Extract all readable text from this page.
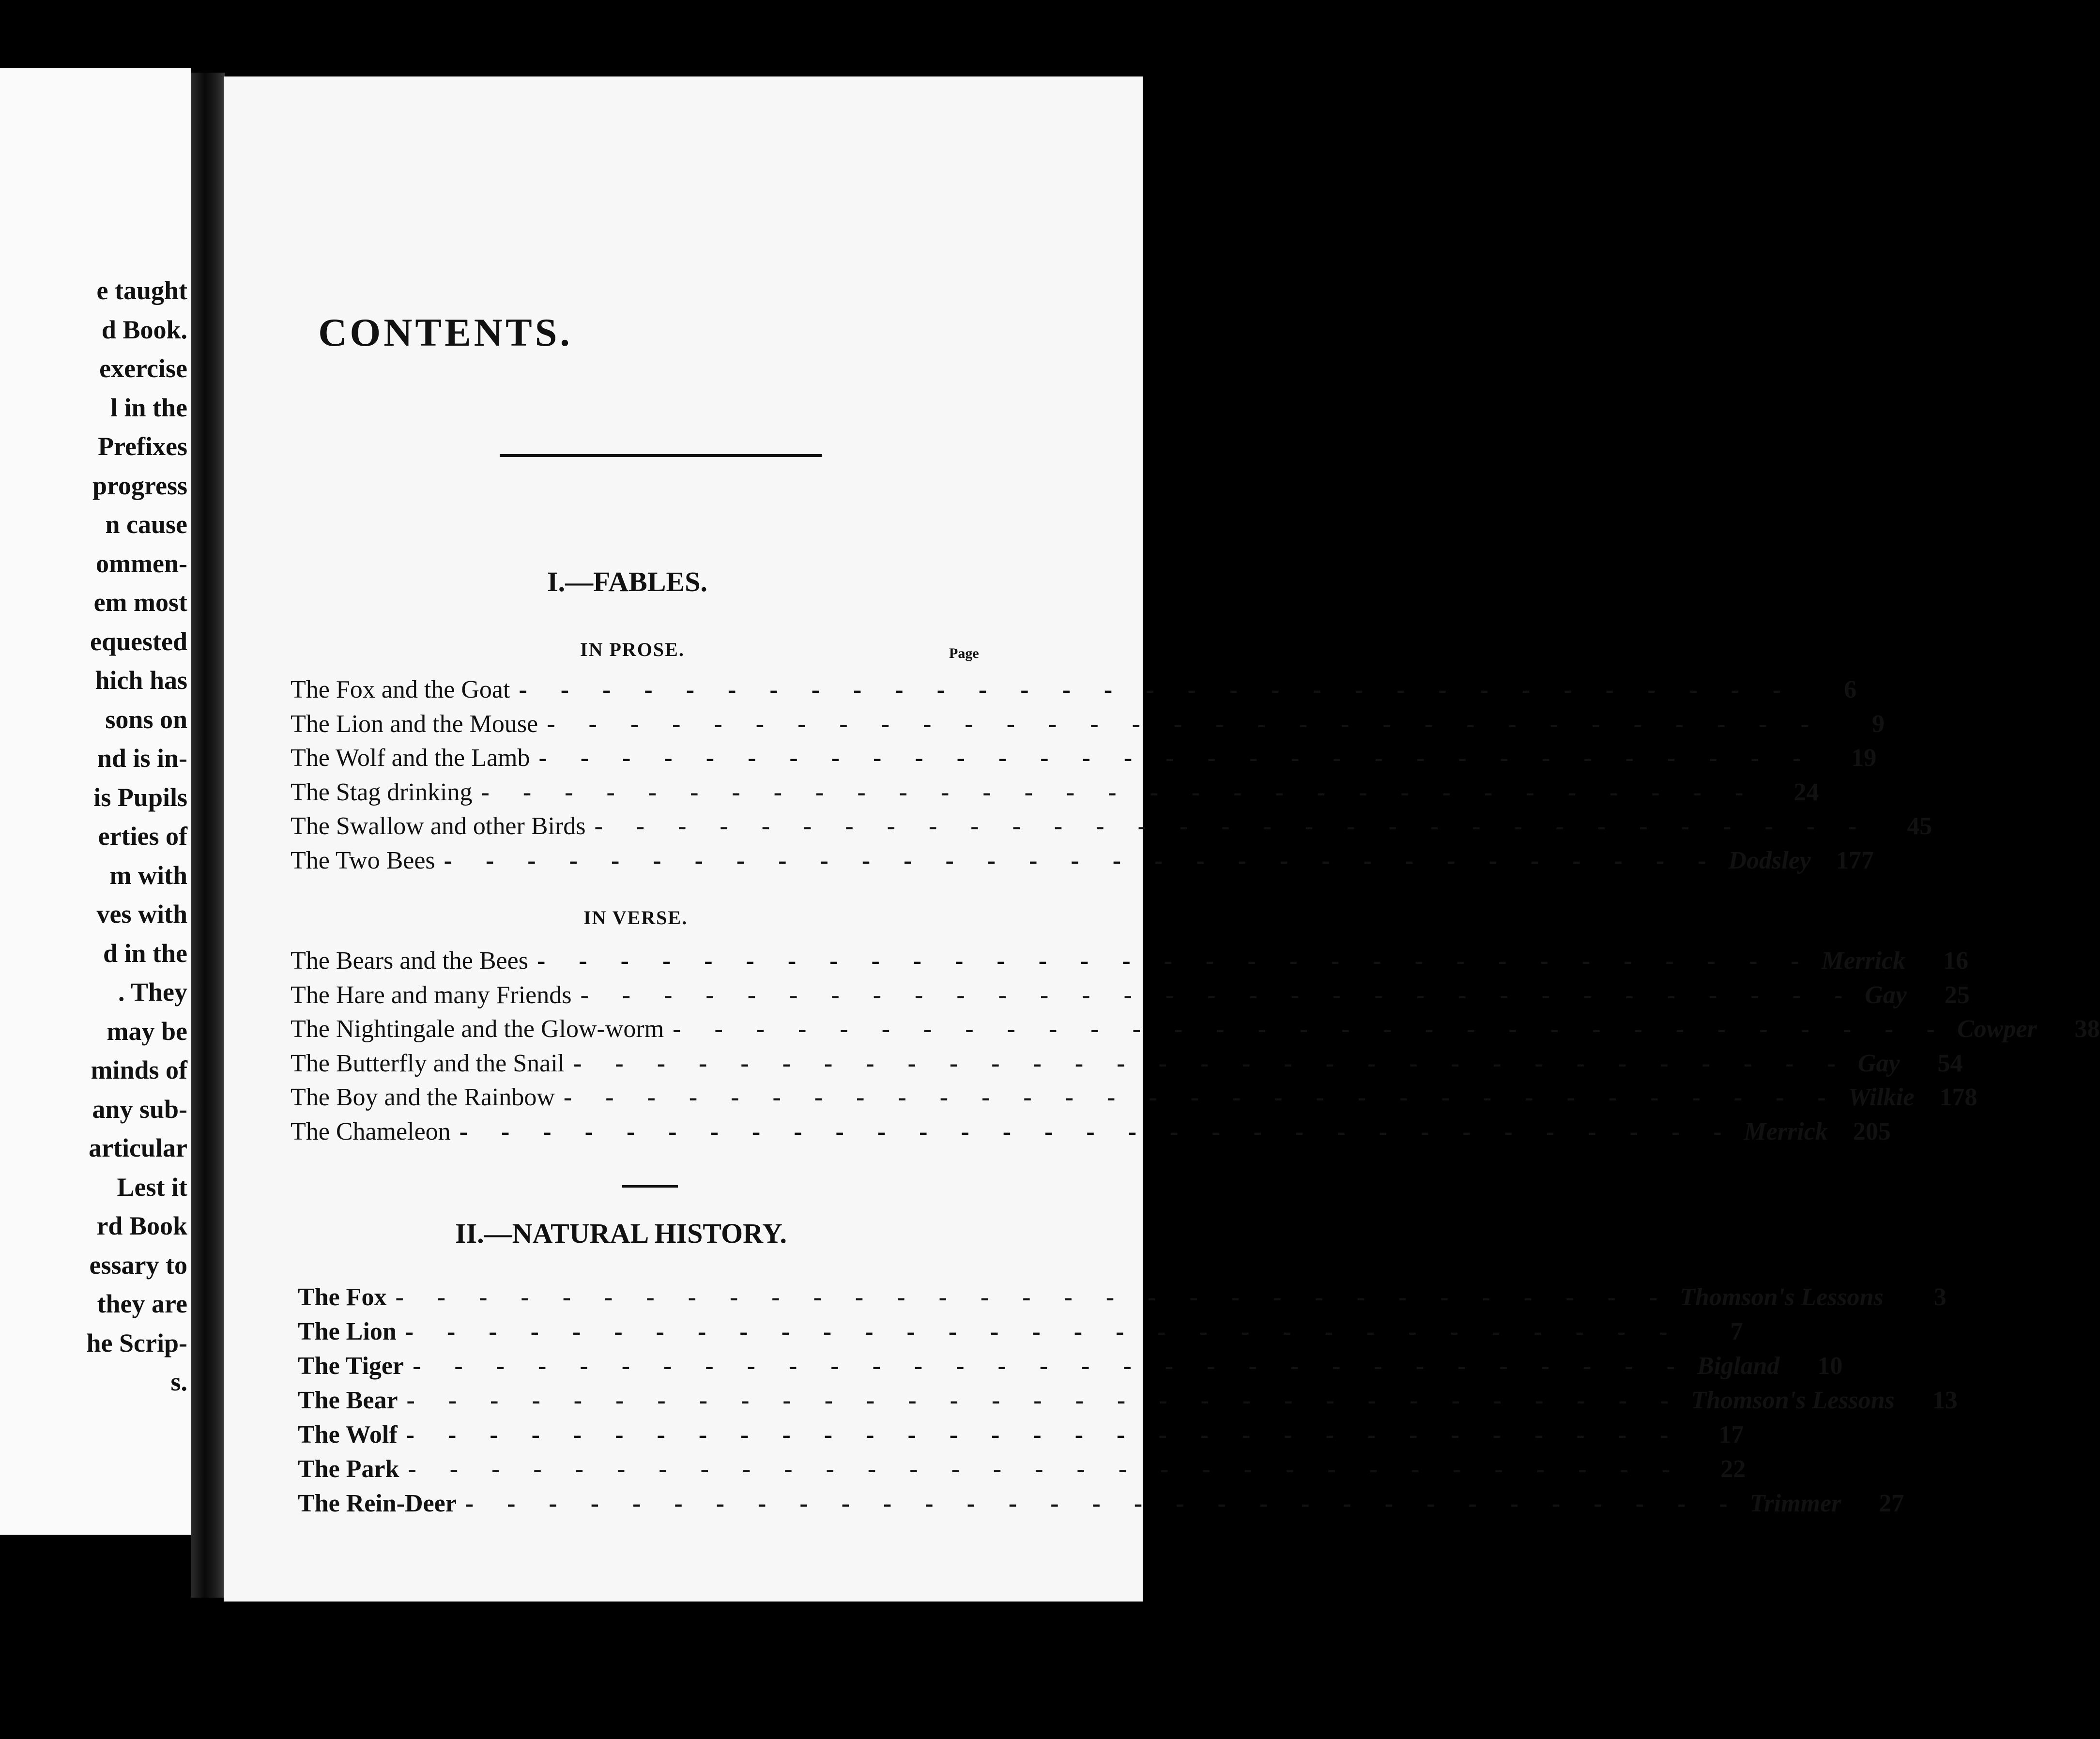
e taught
d Book.
exercise
l in the
Prefixes
progress
n cause
ommen-
em most
equested
hich has
sons on
nd is in-
is Pupils
erties of
m with
ves with
d in the
. They
may be
minds of
any sub-
articular
Lest it
rd Book
essary to
they are
he Scrip-
s.
CONTENTS.
I.—FABLES.
IN PROSE.	Page
The Fox and the Goat - - - - - - - - - - - - - - - - - - - - - - - - - - - - - - -	6
The Lion and the Mouse - - - - - - - - - - - - - - - - - - - - - - - - - - - - - - -	9
The Wolf and the Lamb - - - - - - - - - - - - - - - - - - - - - - - - - - - - - - -	19
The Stag drinking - - - - - - - - - - - - - - - - - - - - - - - - - - - - - - -	24
The Swallow and other Birds - - - - - - - - - - - - - - - - - - - - - - - - - - - - - - -	45
The Two Bees - - - - - - - - - - - - - - - - - - - - - - - - - - - - - - - Dodsley	177
IN VERSE.
The Bears and the Bees - - - - - - - - - - - - - - - - - - - - - - - - - - - - - - - Merrick	16
The Hare and many Friends - - - - - - - - - - - - - - - - - - - - - - - - - - - - - - - Gay	25
The Nightingale and the Glow-worm - - - - - - - - - - - - - - - - - - - - - - - - - - - - - - - Cowper	38
The Butterfly and the Snail - - - - - - - - - - - - - - - - - - - - - - - - - - - - - - - Gay	54
The Boy and the Rainbow - - - - - - - - - - - - - - - - - - - - - - - - - - - - - - - Wilkie	178
The Chameleon - - - - - - - - - - - - - - - - - - - - - - - - - - - - - - - Merrick	205
II.—NATURAL HISTORY.
The Fox - - - - - - - - - - - - - - - - - - - - - - - - - - - - - - - Thomson's Lessons	3
The Lion - - - - - - - - - - - - - - - - - - - - - - - - - - - - - - -	7
The Tiger - - - - - - - - - - - - - - - - - - - - - - - - - - - - - - - Bigland	10
The Bear - - - - - - - - - - - - - - - - - - - - - - - - - - - - - - - Thomson's Lessons	13
The Wolf - - - - - - - - - - - - - - - - - - - - - - - - - - - - - - -	17
The Park - - - - - - - - - - - - - - - - - - - - - - - - - - - - - - -	22
The Rein-Deer - - - - - - - - - - - - - - - - - - - - - - - - - - - - - - - Trimmer	27
